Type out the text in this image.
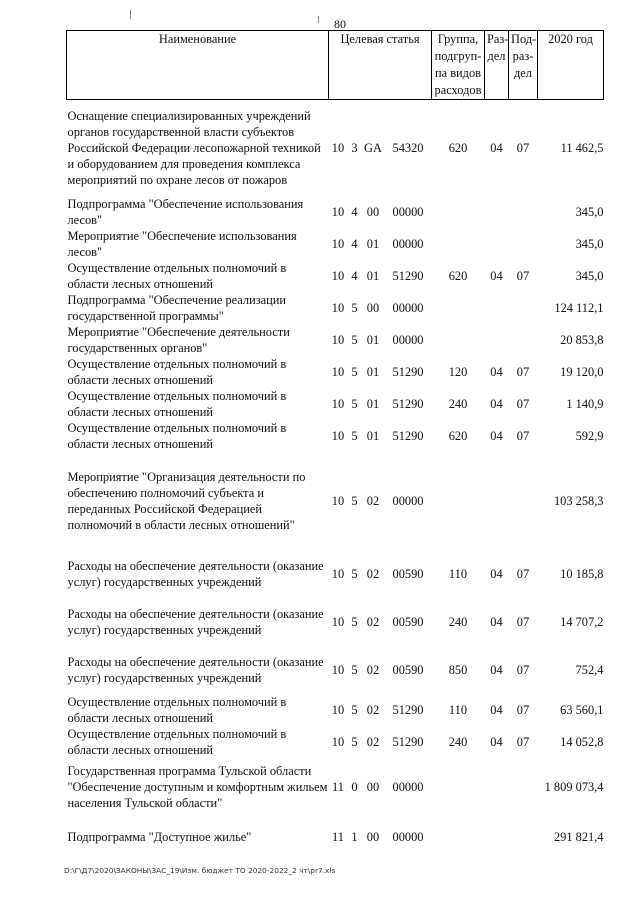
80
Наименование	Целевая статья				Группа, подгруп-па видов расходов	Раз-дел	Под-раз-дел	2020 год
Оснащение специализированных учреждений органов государственной власти субъектов Российской Федерации лесопожарной техникой и оборудованием для проведения комплекса мероприятий по охране лесов от пожаров	10	3	GA	54320	620	04	07	11 462,5
Подпрограмма "Обеспечение использования лесов"	10	4	00	00000				345,0
Мероприятие "Обеспечение использования лесов"	10	4	01	00000				345,0
Осуществление отдельных полномочий в области лесных отношений	10	4	01	51290	620	04	07	345,0
Подпрограмма "Обеспечение реализации государственной программы"	10	5	00	00000				124 112,1
Мероприятие "Обеспечение деятельности государственных органов"	10	5	01	00000				20 853,8
Осуществление отдельных полномочий в области лесных отношений	10	5	01	51290	120	04	07	19 120,0
Осуществление отдельных полномочий в области лесных отношений	10	5	01	51290	240	04	07	1 140,9
Осуществление отдельных полномочий в области лесных отношений	10	5	01	51290	620	04	07	592,9
Мероприятие "Организация деятельности по обеспечению полномочий субъекта и переданных Российской Федерацией полномочий в области лесных отношений"	10	5	02	00000				103 258,3
Расходы на обеспечение деятельности (оказание услуг) государственных учреждений	10	5	02	00590	110	04	07	10 185,8
Расходы на обеспечение деятельности (оказание услуг) государственных учреждений	10	5	02	00590	240	04	07	14 707,2
Расходы на обеспечение деятельности (оказание услуг) государственных учреждений	10	5	02	00590	850	04	07	752,4
Осуществление отдельных полномочий в области лесных отношений	10	5	02	51290	110	04	07	63 560,1
Осуществление отдельных полномочий в области лесных отношений	10	5	02	51290	240	04	07	14 052,8
Государственная программа Тульской области "Обеспечение доступным и комфортным жильем населения Тульской области"	11	0	00	00000				1 809 073,4
Подпрограмма "Доступное жилье"	11	1	00	00000				291 821,4
D:\Г\Д7\2020\ЗАКОНЫ\ЗАС_19\Изм. бюджет ТО 2020-2022_2 чт\pr7.xls
